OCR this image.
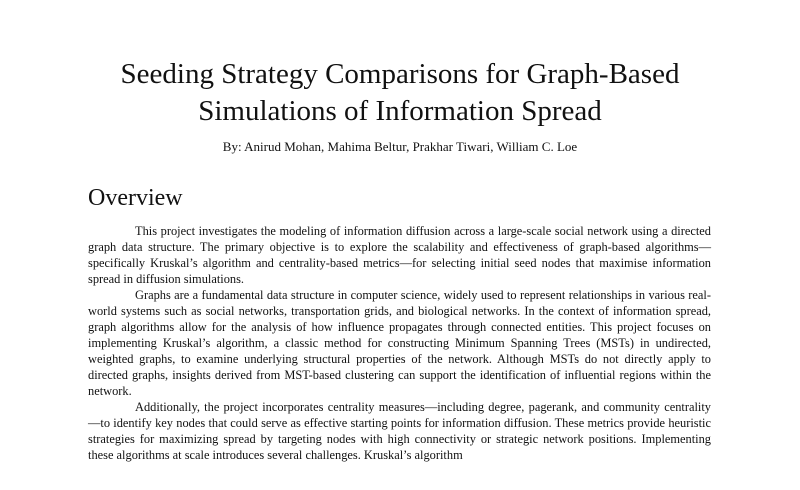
Seeding Strategy Comparisons for Graph-Based
Simulations of Information Spread
By: Anirud Mohan, Mahima Beltur, Prakhar Tiwari, William C. Loe
Overview

This project investigates the modeling of information diffusion across a large-scale social network using a directed graph data structure. The primary objective is to explore the scalability and effectiveness of graph-based algorithms—specifically Kruskal’s algorithm and centrality-based metrics—for selecting initial seed nodes that maximise information spread in diffusion simulations.

Graphs are a fundamental data structure in computer science, widely used to represent relationships in various real-world systems such as social networks, transportation grids, and biological networks. In the context of information spread, graph algorithms allow for the analysis of how influence propagates through connected entities. This project focuses on implementing Kruskal’s algorithm, a classic method for constructing Minimum Spanning Trees (MSTs) in undirected, weighted graphs, to examine underlying structural properties of the network. Although MSTs do not directly apply to directed graphs, insights derived from MST-based clustering can support the identification of influential regions within the network.

Additionally, the project incorporates centrality measures—including degree, pagerank, and community centrality—to identify key nodes that could serve as effective starting points for information diffusion. These metrics provide heuristic strategies for maximizing spread by targeting nodes with high connectivity or strategic network positions. Implementing these algorithms at scale introduces several challenges. Kruskal’s algorithm
